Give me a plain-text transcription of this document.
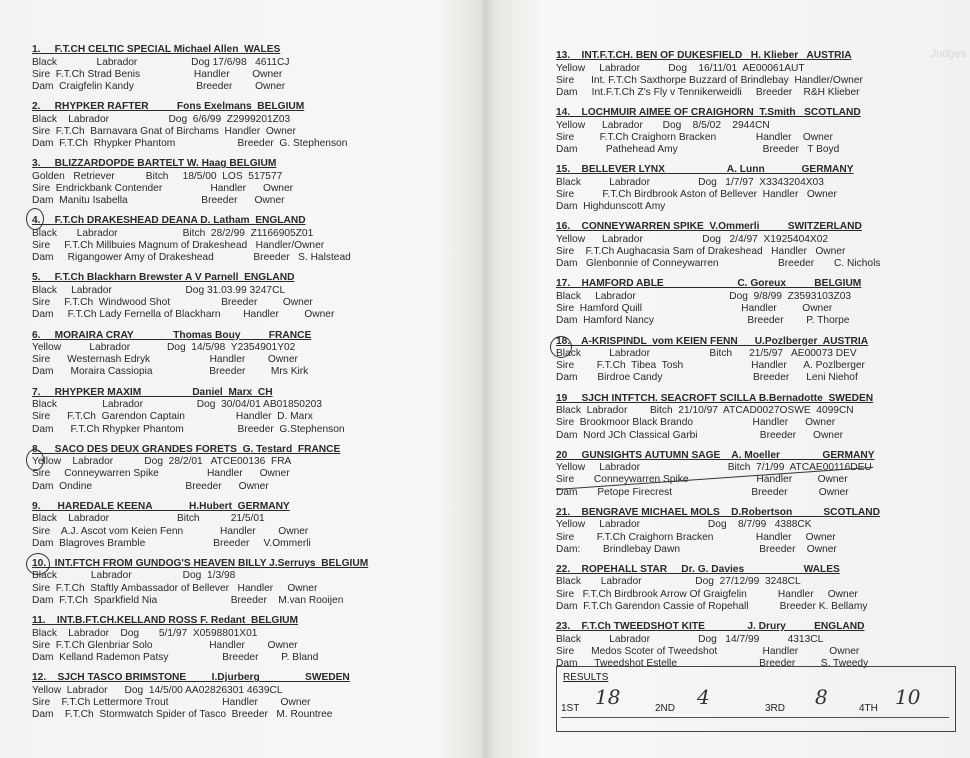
1.     F.T.CH CELTIC SPECIAL Michael Allen  WALES
Black              Labrador                   Dog 17/6/98   4611CJ
Sire  F.T.Ch Strad Benis                   Handler        Owner
Dam  Craigfelin Kandy                      Breeder        Owner
2.     RHYPKER RAFTER          Fons Exelmans  BELGIUM
Black    Labrador                     Dog  6/6/99  Z2999201Z03
Sire  F.T.Ch  Barnavara Gnat of Birchams  Handler  Owner
Dam  F.T.Ch  Rhypker Phantom                      Breeder  G. Stephenson
3.     BLIZZARDOPDE BARTELT W. Haag BELGIUM
Golden   Retriever           Bitch     18/5/00  LOS  517577
Sire  Endrickbank Contender                 Handler      Owner
Dam  Manitu Isabella                          Breeder      Owner
4.     F.T.Ch DRAKESHEAD DEANA D. Latham  ENGLAND
Black       Labrador                       Bitch  28/2/99  Z1166905Z01
Sire     F.T.Ch Millbuies Magnum of Drakeshead   Handler/Owner
Dam     Rigangower Amy of Drakeshead              Breeder   S. Halstead
5.     F.T.Ch Blackharn Brewster A V Parnell  ENGLAND
Black     Labrador                          Dog 31.03.99 3247CL
Sire     F.T.Ch  Windwood Shot                  Breeder         Owner
Dam     F.T.Ch Lady Fernella of Blackharn        Handler         Owner
6.     MORAIRA CRAY              Thomas Bouy          FRANCE
Yellow          Labrador             Dog  14/5/98  Y2354901Y02
Sire      Westernash Edryk                     Handler        Owner
Dam      Moraira Cassiopia                    Breeder         Mrs Kirk
7.     RHYPKER MAXIM                  Daniel  Marx  CH
Black                Labrador                   Dog  30/04/01 AB01850203
Sire      F.T.Ch  Garendon Captain                  Handler  D. Marx
Dam      F.T.Ch Rhypker Phantom                   Breeder  G.Stephenson
8.     SACO DES DEUX GRANDES FORETS  G. Testard  FRANCE
Yellow    Labrador           Dog  28/2/01   ATCE00136  FRA
Sire     Conneywarren Spike                 Handler      Owner
Dam  Ondine                                 Breeder      Owner
9.      HAREDALE KEENA             H.Hubert  GERMANY
Black    Labrador                        Bitch           21/5/01
Sire    A.J. Ascot vom Keien Fenn             Handler        Owner
Dam  Blagroves Bramble                        Breeder     V.Ommerli
10.   INT.FTCH FROM GUNDOG'S HEAVEN BILLY J.Serruys  BELGIUM
Black            Labrador                  Dog  1/3/98
Sire  F.T.Ch  Staftly Ambassador of Bellever   Handler     Owner
Dam  F.T.Ch  Sparkfield Nia                          Breeder    M.van Rooijen
11.    INT.B.FT.CH.KELLAND ROSS F. Redant  BELGIUM
Black    Labrador    Dog       5/1/97  X0598801X01
Sire  F.T.Ch Glenbriar Solo                    Handler        Owner
Dam  Kelland Rademon Patsy                   Breeder        P. Bland
12.    SJCH TASCO BRIMSTONE         I.Djurberg                SWEDEN
Yellow  Labrador      Dog  14/5/00 AA02826301 4639CL
Sire    F.T.Ch Lettermore Trout                   Handler        Owner
Dam    F.T.Ch  Stormwatch Spider of Tasco  Breeder   M. Rountree
Judges
13.    INT.F.T.CH. BEN OF DUKESFIELD   H. Klieber   AUSTRIA
Yellow     Labrador          Dog    16/11/01  AE00061AUT
Sire      Int. F.T.Ch Saxthorpe Buzzard of Brindlebay  Handler/Owner
Dam     Int.F.T.Ch Z's Fly v Tennikerweidli     Breeder    R&H Klieber
14.    LOCHMUIR AIMEE OF CRAIGHORN  T.Smith   SCOTLAND
Yellow      Labrador       Dog    8/5/02    2944CN
Sire         F.T.Ch Craighorn Bracken              Handler    Owner
Dam          Pathehead Amy                              Breeder   T Boyd
15.    BELLEVER LYNX                      A. Lunn             GERMANY
Black          Labrador                 Dog   1/7/97  X3343204X03
Sire          F.T.Ch Birdbrook Aston of Bellever  Handler   Owner
Dam  Highdunscott Amy
16.    CONNEYWARREN SPIKE  V.Ommerli          SWITZERLAND
Yellow      Labrador                     Dog   2/4/97  X1925404X02
Sire    F.T.Ch Aughacasia Sam of Drakeshead   Handler   Owner
Dam   Glenbonnie of Conneywarren                     Breeder       C. Nichols
17.    HAMFORD ABLE                          C. Goreux          BELGIUM
Black     Labrador                                 Dog  9/8/99  Z3593103Z03
Sire  Hamford Quill                                   Handler         Owner
Dam  Hamford Nancy                                 Breeder        P. Thorpe
18.    A-KRISPINDL  vom KEIEN FENN      U.Pozlberger  AUSTRIA
Black          Labrador                     Bitch      21/5/97   AE00073 DEV
Sire        F.T.Ch  Tibea  Tosh                        Handler      A. Pozlberger
Dam       Birdroe Candy                                Breeder      Leni Niehof
19     SJCH INTFTCH. SEACROFT SCILLA B.Bernadotte  SWEDEN
Black  Labrador        Bitch  21/10/97  ATCAD0027OSWE  4099CN
Sire  Brookmoor Black Brando                     Handler      Owner
Dam  Nord JCh Classical Garbi                      Breeder      Owner
20     GUNSIGHTS AUTUMN SAGE    A. Moeller               GERMANY
Yellow     Labrador                               Bitch  7/1/99  ATCAE00116DEU
Sire       Conneywarren Spike                        Handler         Owner
Dam       Petope Firecrest                            Breeder           Owner
21.    BENGRAVE MICHAEL MOLS    D.Robertson           SCOTLAND
Yellow     Labrador                        Dog    8/7/99   4388CK
Sire        F.T.Ch Craighorn Bracken               Handler     Owner
Dam:        Brindlebay Dawn                            Breeder    Owner
22.    ROPEHALL STAR     Dr. G. Davies                     WALES
Black       Labrador                   Dog  27/12/99  3248CL
Sire   F.T.Ch Birdbrook Arrow Of Graigfelin           Handler     Owner
Dam  F.T.Ch Garendon Cassie of Ropehall           Breeder K. Bellamy
23.    F.T.Ch TWEEDSHOT KITE               J. Drury          ENGLAND
Black          Labrador                 Dog   14/7/99          4313CL
Sire      Medos Scoter of Tweedshot                Handler           Owner
Dam      Tweedshot Estelle                             Breeder         S. Tweedy
RESULTS
1ST 18	2ND 4	3RD 8	4TH 10
